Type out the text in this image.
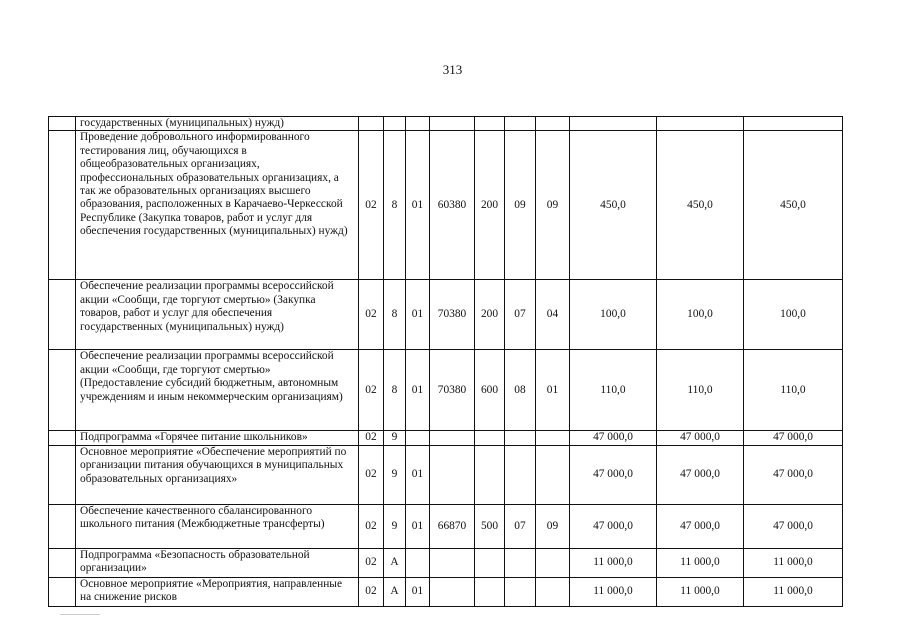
313
	государственных (муниципальных) нужд)										
	Проведение добровольного информированного тестирования лиц, обучающихся в общеобразовательных организациях, профессиональных образовательных организациях, а так же образовательных организациях высшего образования, расположенных в Карачаево-Черкесской Республике (Закупка товаров, работ и услуг для обеспечения государственных (муниципальных) нужд)	02	8	01	60380	200	09	09	450,0	450,0	450,0
	Обеспечение реализации программы всероссийской акции «Сообщи, где торгуют смертью» (Закупка товаров, работ и услуг для обеспечения государственных (муниципальных) нужд)	02	8	01	70380	200	07	04	100,0	100,0	100,0
	Обеспечение реализации программы всероссийской акции «Сообщи, где торгуют смертью» (Предоставление субсидий бюджетным, автономным учреждениям и иным некоммерческим организациям)	02	8	01	70380	600	08	01	110,0	110,0	110,0
	Подпрограмма «Горячее питание школьников»	02	9						47 000,0	47 000,0	47 000,0
	Основное мероприятие «Обеспечение мероприятий по организации питания обучающихся в муниципальных образовательных организациях»	02	9	01					47 000,0	47 000,0	47 000,0
	Обеспечение качественного сбалансированного школьного питания (Межбюджетные трансферты)	02	9	01	66870	500	07	09	47 000,0	47 000,0	47 000,0
	Подпрограмма «Безопасность образовательной организации»	02	А						11 000,0	11 000,0	11 000,0
	Основное мероприятие «Мероприятия, направленные на снижение рисков	02	А	01					11 000,0	11 000,0	11 000,0
